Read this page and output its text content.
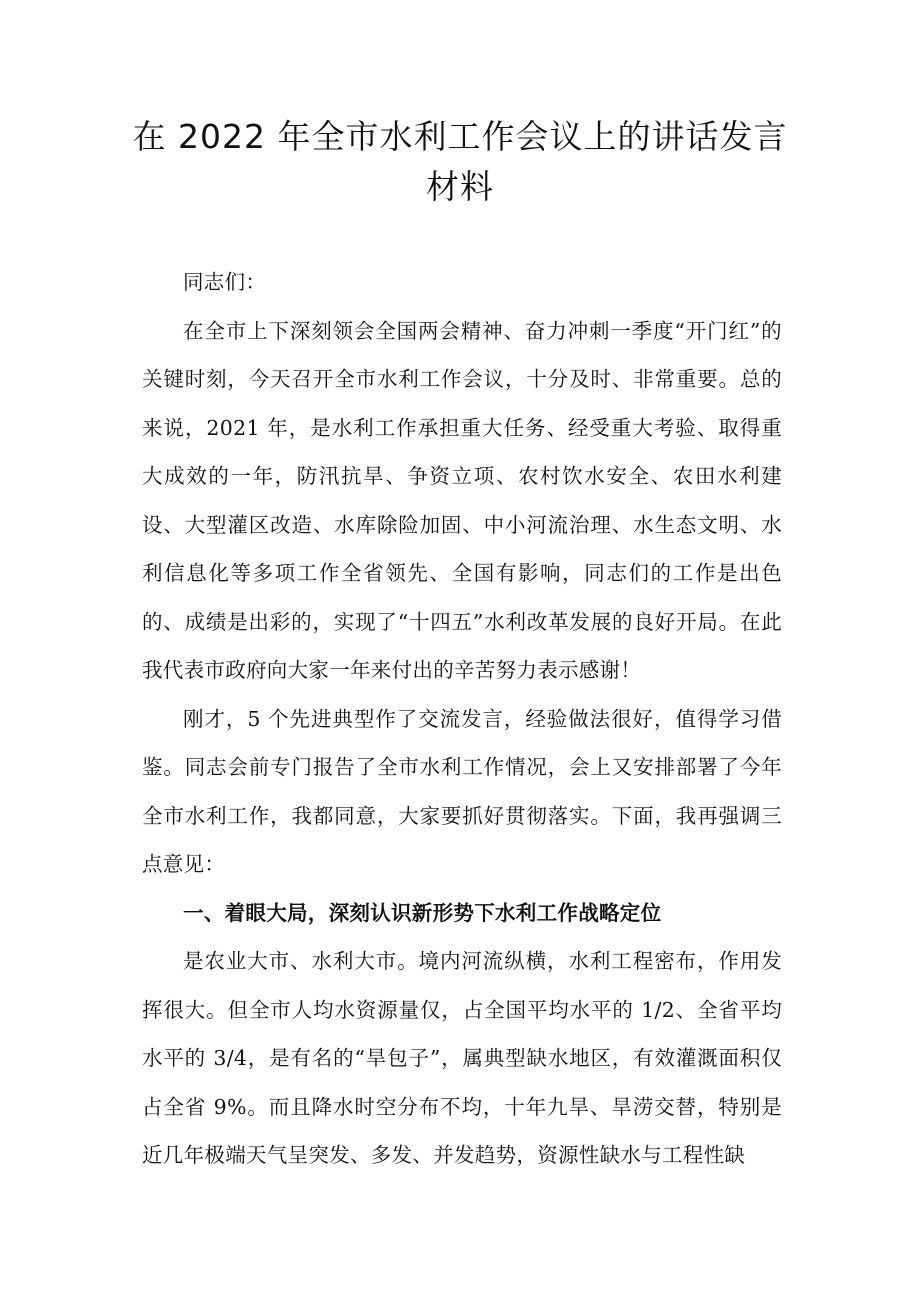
在 2022 年全市水利工作会议上的讲话发言材料

同志们：

在全市上下深刻领会全国两会精神、奋力冲刺一季度“开门红”的关键时刻，今天召开全市水利工作会议，十分及时、非常重要。总的来说，2021 年，是水利工作承担重大任务、经受重大考验、取得重大成效的一年，防汛抗旱、争资立项、农村饮水安全、农田水利建设、大型灌区改造、水库除险加固、中小河流治理、水生态文明、水利信息化等多项工作全省领先、全国有影响，同志们的工作是出色的、成绩是出彩的，实现了“十四五”水利改革发展的良好开局。在此我代表市政府向大家一年来付出的辛苦努力表示感谢！

刚才，5 个先进典型作了交流发言，经验做法很好，值得学习借鉴。同志会前专门报告了全市水利工作情况，会上又安排部署了今年全市水利工作，我都同意，大家要抓好贯彻落实。下面，我再强调三点意见：

一、着眼大局，深刻认识新形势下水利工作战略定位

是农业大市、水利大市。境内河流纵横，水利工程密布，作用发挥很大。但全市人均水资源量仅，占全国平均水平的 1/2、全省平均水平的 3/4，是有名的“旱包子”，属典型缺水地区，有效灌溉面积仅占全省 9%。而且降水时空分布不均，十年九旱、旱涝交替，特别是近几年极端天气呈突发、多发、并发趋势，资源性缺水与工程性缺
